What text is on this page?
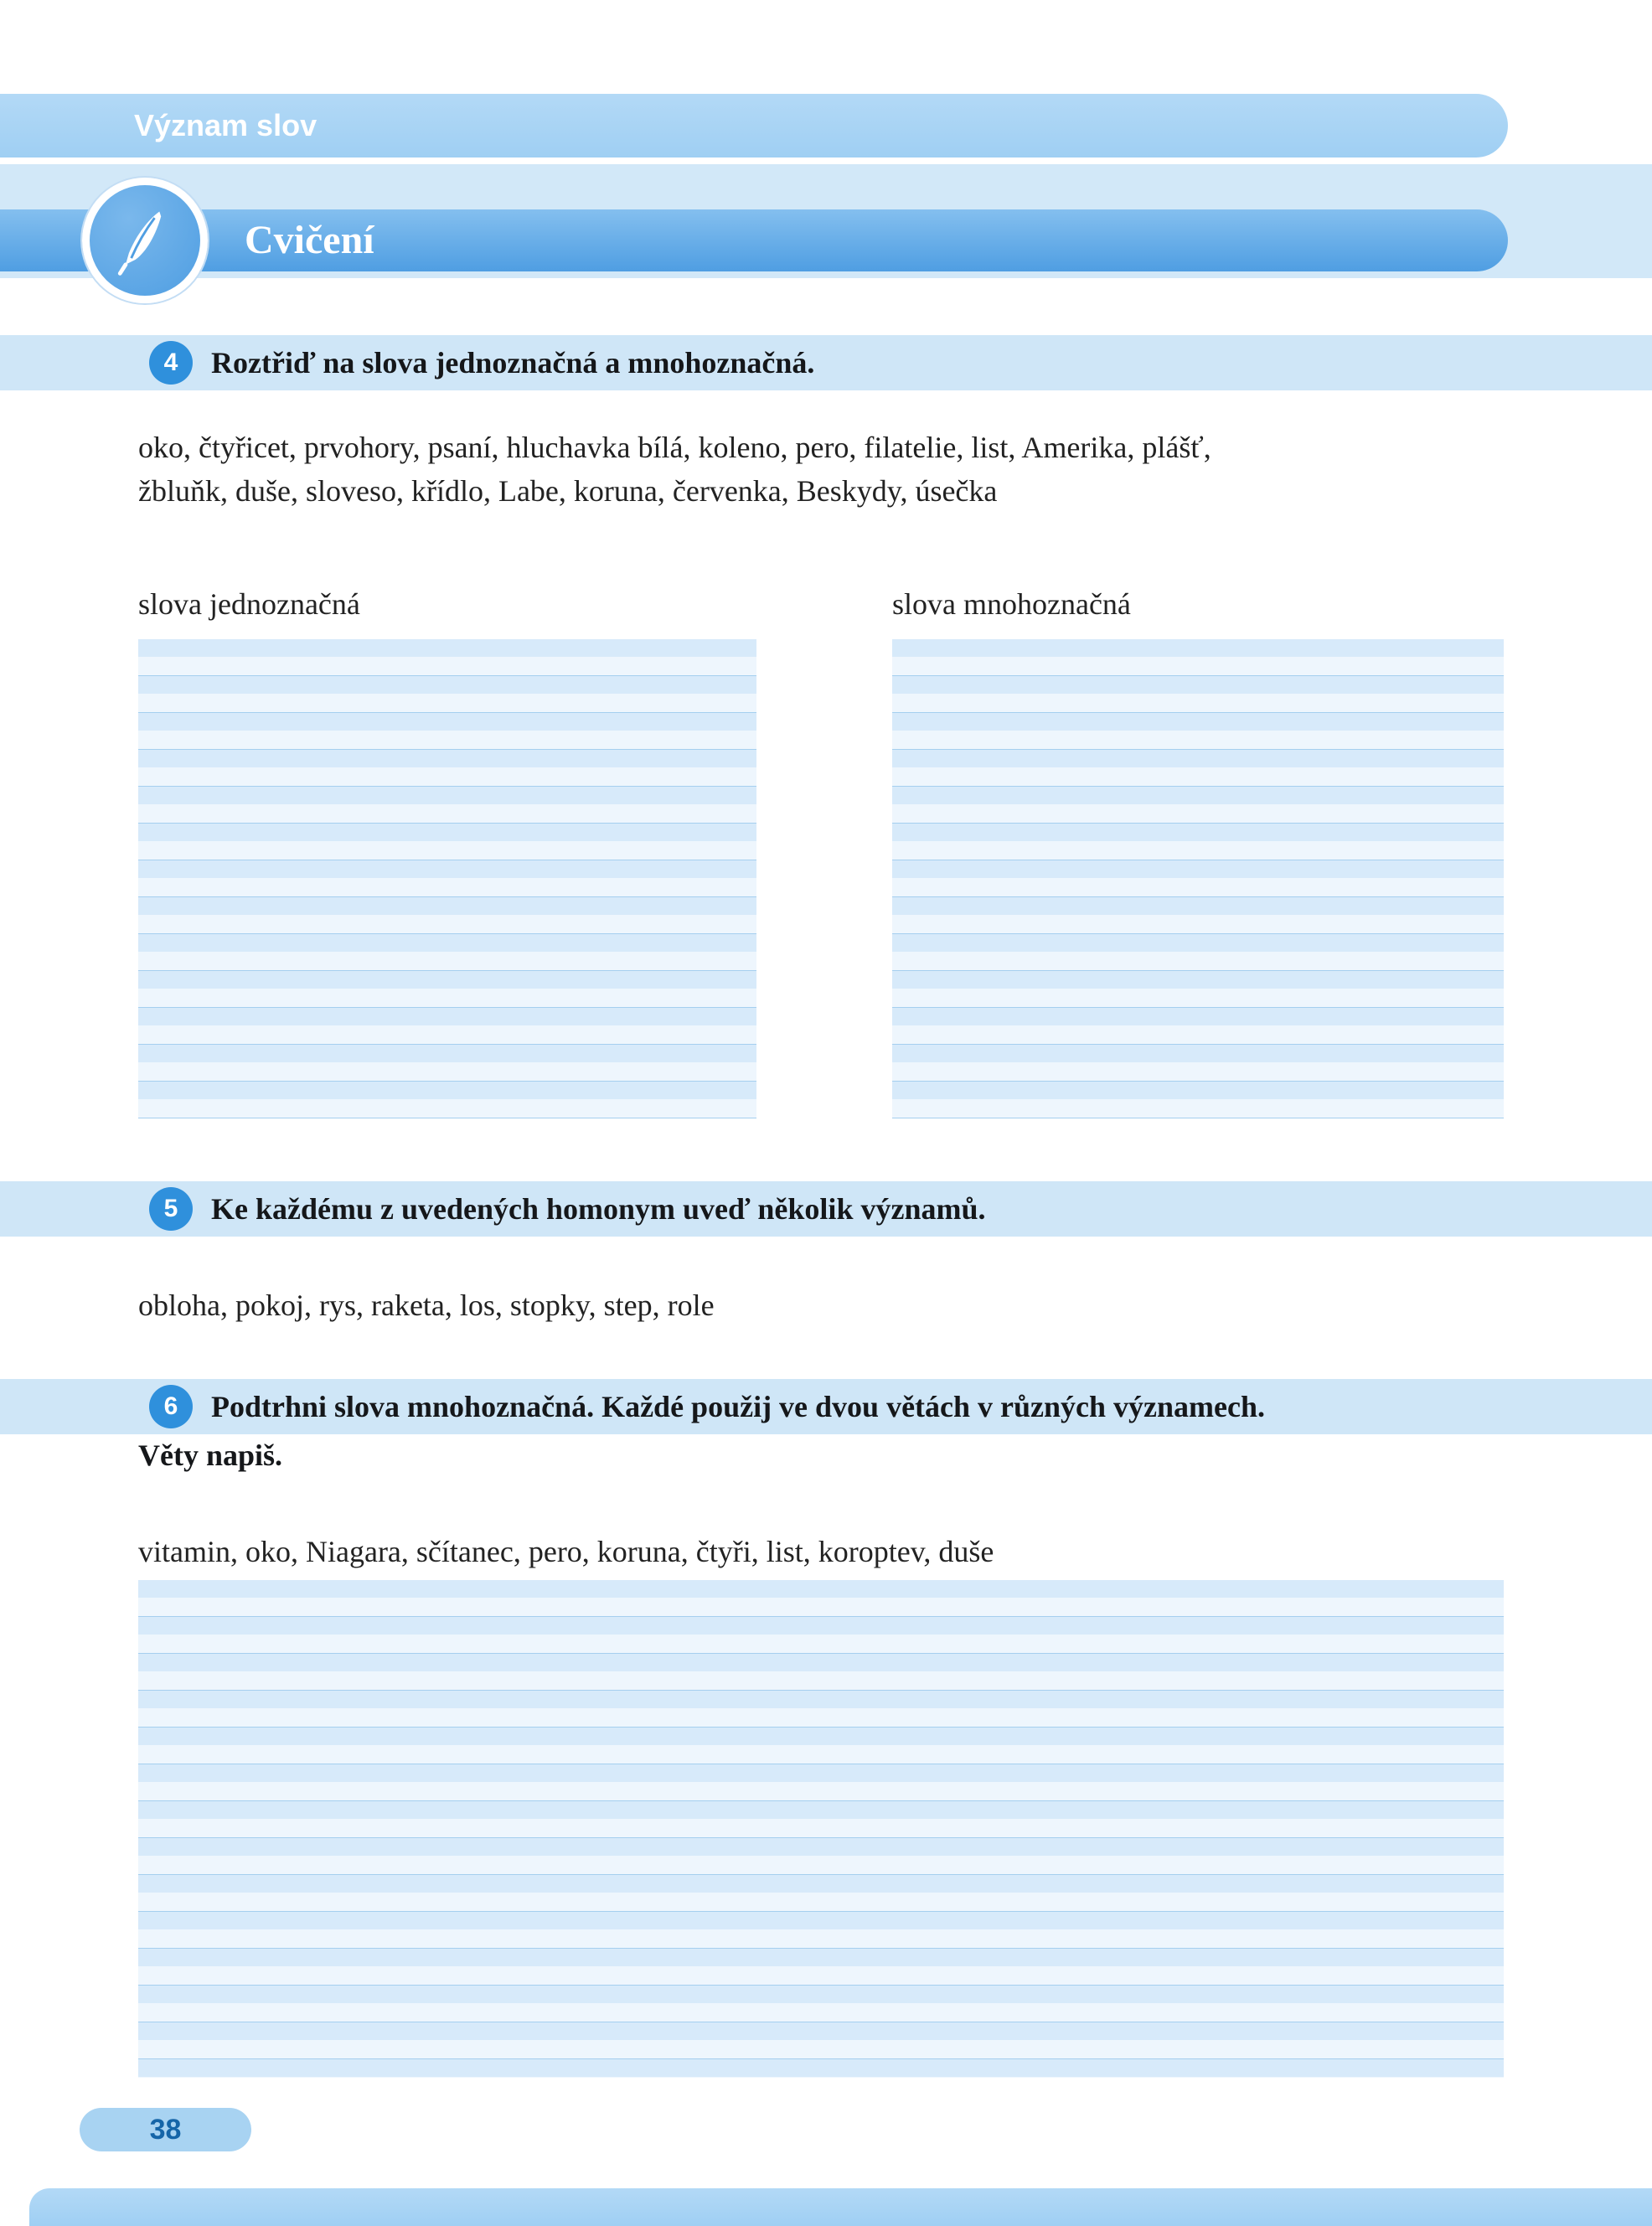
Význam slov
Cvičení
4	Roztřiď na slova jednoznačná a mnohoznačná.
oko, čtyřicet, prvohory, psaní, hluchavka bílá, koleno, pero, filatelie, list, Amerika, plášť,
žbluňk, duše, sloveso, křídlo, Labe, koruna, červenka, Beskydy, úsečka
slova jednoznačná	slova mnohoznačná
5	Ke každému z uvedených homonym uveď několik významů.
obloha, pokoj, rys, raketa, los, stopky, step, role
6	Podtrhni slova mnohoznačná. Každé použij ve dvou větách v různých významech.
Věty napiš.
vitamin, oko, Niagara, sčítanec, pero, koruna, čtyři, list, koroptev, duše
38
